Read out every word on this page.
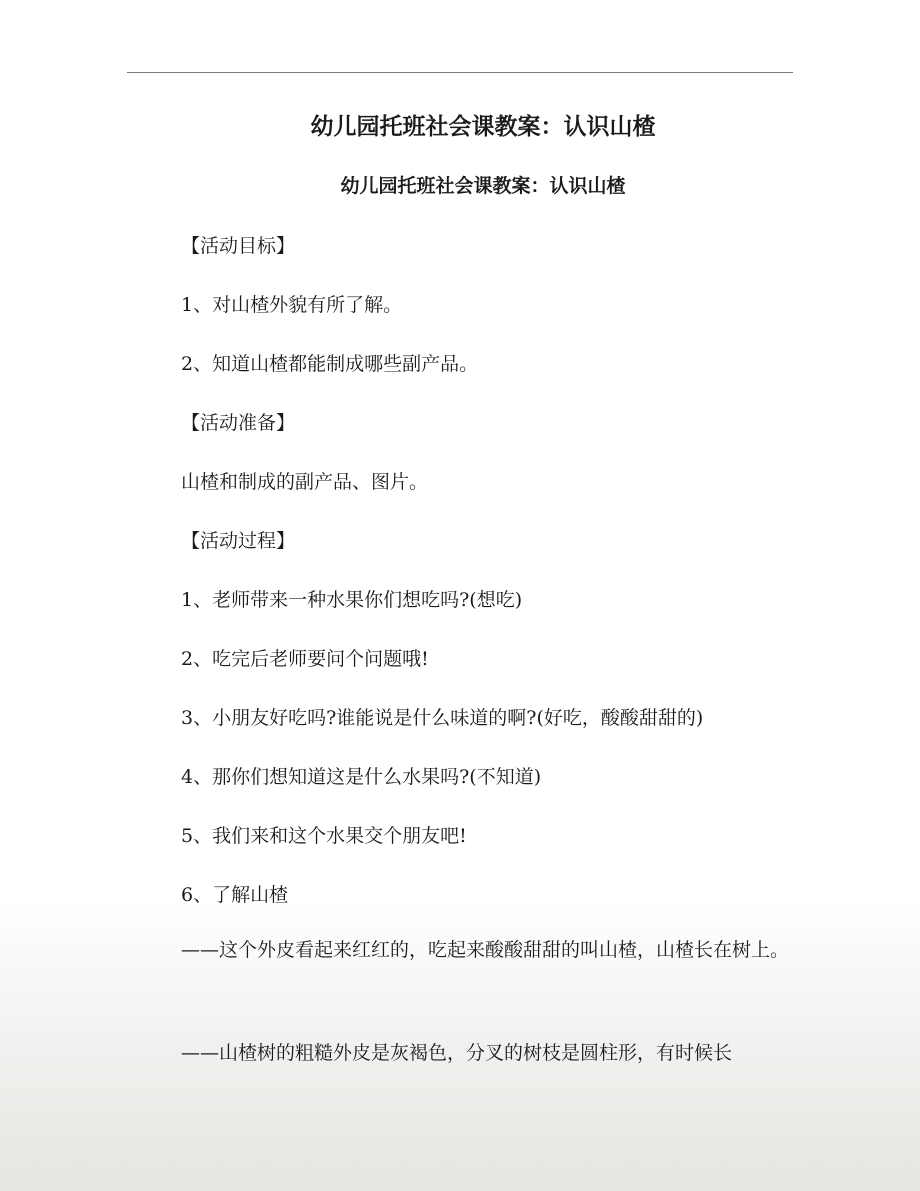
幼儿园托班社会课教案：认识山楂
幼儿园托班社会课教案：认识山楂
【活动目标】
1、对山楂外貌有所了解。
2、知道山楂都能制成哪些副产品。
【活动准备】
山楂和制成的副产品、图片。
【活动过程】
1、老师带来一种水果你们想吃吗?(想吃)
2、吃完后老师要问个问题哦!
3、小朋友好吃吗?谁能说是什么味道的啊?(好吃，酸酸甜甜的)
4、那你们想知道这是什么水果吗?(不知道)
5、我们来和这个水果交个朋友吧!
6、了解山楂
——这个外皮看起来红红的，吃起来酸酸甜甜的叫山楂，山楂长在树上。
——山楂树的粗糙外皮是灰褐色，分叉的树枝是圆柱形，有时候长
